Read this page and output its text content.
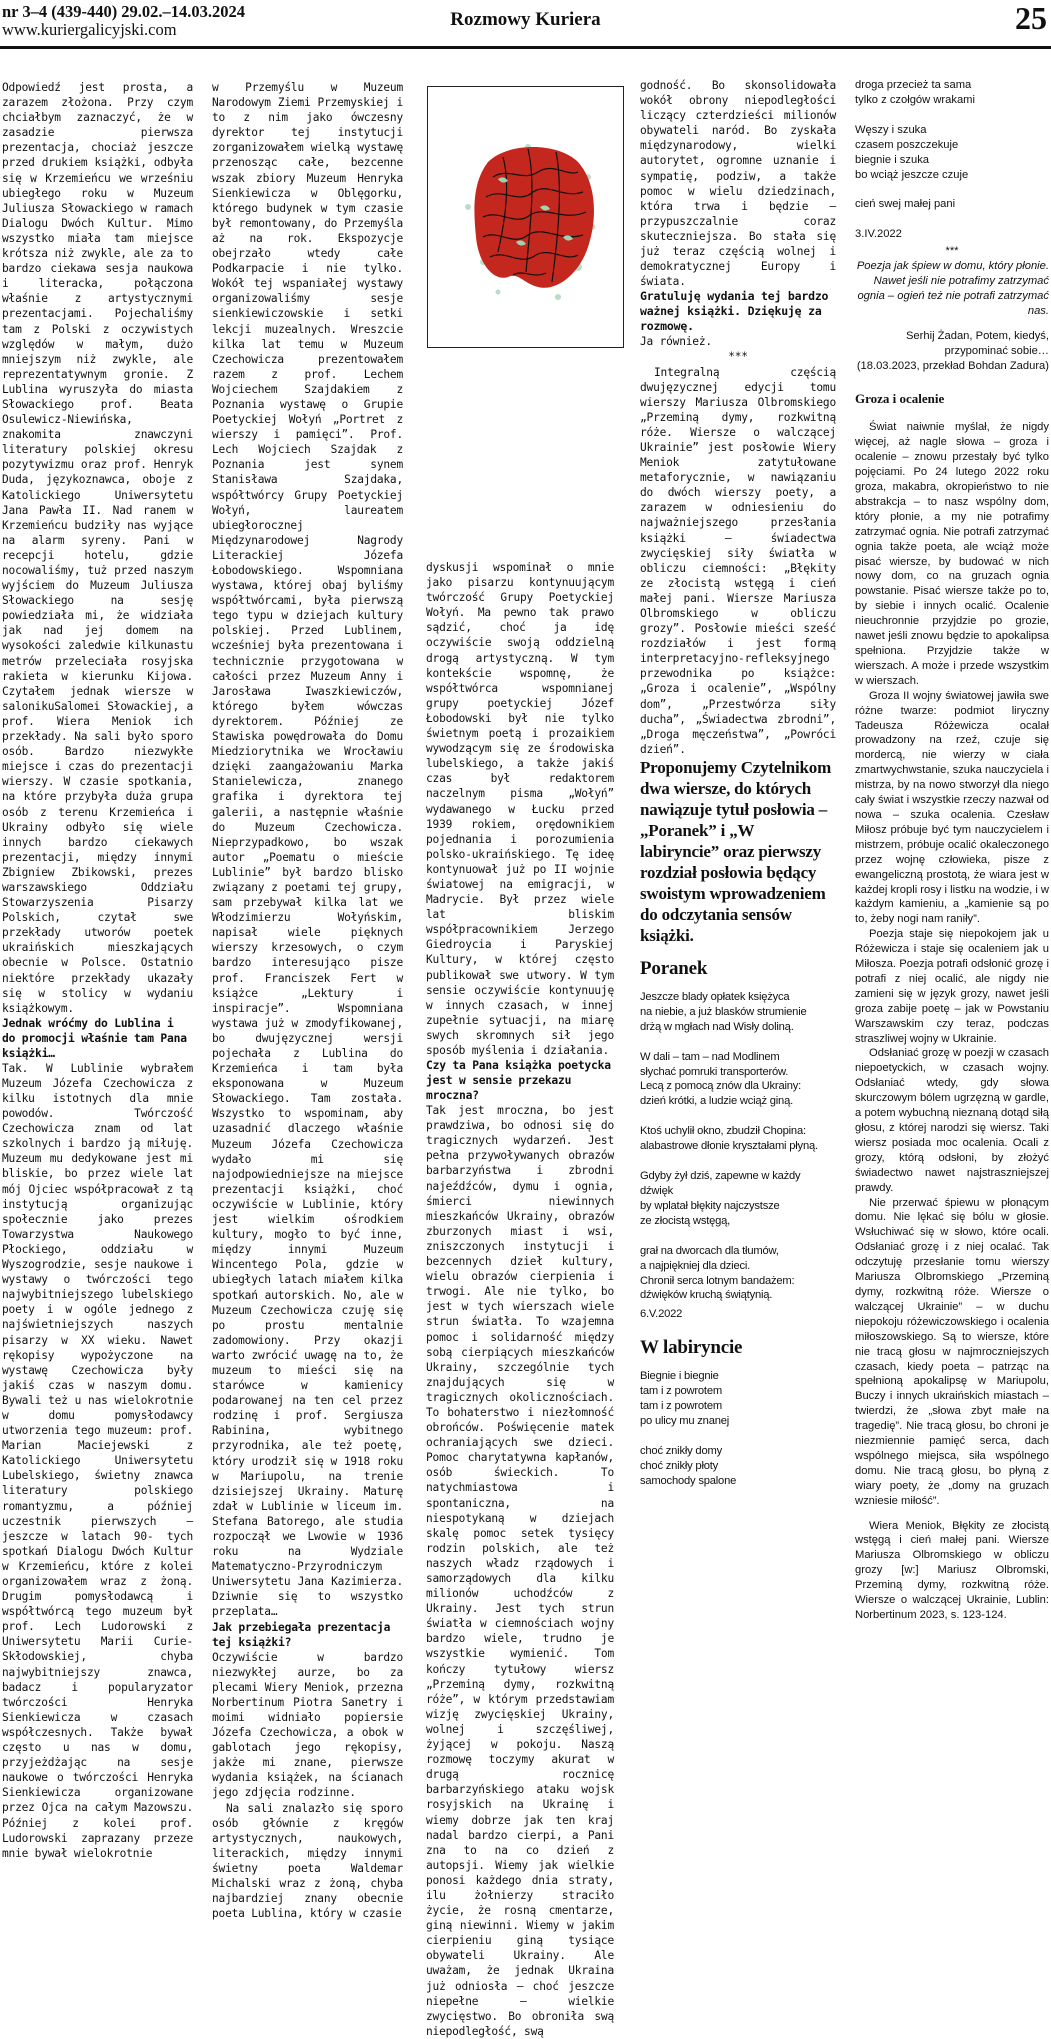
nr 3–4 (439-440) 29.02.–14.03.2024
www.kuriergalicyjski.com	Rozmowy Kuriera	25

Odpowiedź jest prosta, a zarazem złożona. Przy czym chciałbym zaznaczyć, że w zasadzie pierwsza prezentacja, chociaż jeszcze przed drukiem książki, odbyła się w Krzemieńcu we wrześniu ubiegłego roku w Muzeum Juliusza Słowackiego w ramach Dialogu Dwóch Kultur. Mimo wszystko miała tam miejsce krótsza niż zwykle, ale za to bardzo ciekawa sesja naukowa i literacka, połączona właśnie z artystycznymi prezentacjami. Pojechaliśmy tam z Polski z oczywistych względów w małym, dużo mniejszym niż zwykle, ale reprezentatywnym gronie. Z Lublina wyruszyła do miasta Słowackiego prof. Beata Osulewicz-Niewińska, znakomita znawczyni literatury polskiej okresu pozytywizmu oraz prof. Henryk Duda, językoznawca, oboje z Katolickiego Uniwersytetu Jana Pawła II. Nad ranem w Krzemieńcu budziły nas wyjące na alarm syreny. Pani w recepcji hotelu, gdzie nocowaliśmy, tuż przed naszym wyjściem do Muzeum Juliusza Słowackiego na sesję powiedziała mi, że widziała jak nad jej domem na wysokości zaledwie kilkunastu metrów przeleciała rosyjska rakieta w kierunku Kijowa. Czytałem jednak wiersze w salonikuSalomei Słowackiej, a prof. Wiera Meniok ich przekłady. Na sali było sporo osób. Bardzo niezwykłe miejsce i czas do prezentacji wierszy. W czasie spotkania, na które przybyła duża grupa osób z terenu Krzemieńca i Ukrainy odbyło się wiele innych bardzo ciekawych prezentacji, między innymi Zbigniew Zbikowski, prezes warszawskiego Oddziału Stowarzyszenia Pisarzy Polskich, czytał swe przekłady utworów poetek ukraińskich mieszkających obecnie w Polsce. Ostatnio niektóre przekłady ukazały się w stolicy w wydaniu książkowym.

Jednak wróćmy do Lublina i do promocji właśnie tam Pana książki…

Tak. W Lublinie wybrałem Muzeum Józefa Czechowicza z kilku istotnych dla mnie powodów. Twórczość Czechowicza znam od lat szkolnych i bardzo ją miłuję. Muzeum mu dedykowane jest mi bliskie, bo przez wiele lat mój Ojciec współpracował z tą instytucją organizując społecznie jako prezes Towarzystwa Naukowego Płockiego, oddziału w Wyszogrodzie, sesje naukowe i wystawy o twórczości tego najwybitniejszego lubelskiego poety i w ogóle jednego z najświetniejszych naszych pisarzy w XX wieku. Nawet rękopisy wypożyczone na wystawę Czechowicza były jakiś czas w naszym domu. Bywali też u nas wielokrotnie w domu pomysłodawcy utworzenia tego muzeum: prof. Marian Maciejewski z Katolickiego Uniwersytetu Lubelskiego, świetny znawca literatury polskiego romantyzmu, a później uczestnik pierwszych – jeszcze w latach 90- tych spotkań Dialogu Dwóch Kultur w Krzemieńcu, które z kolei organizowałem wraz z żoną. Drugim pomysłodawcą i współtwórcą tego muzeum był prof. Lech Ludorowski z Uniwersytetu Marii Curie-Skłodowskiej, chyba najwybitniejszy znawca, badacz i popularyzator twórczości Henryka Sienkiewicza w czasach współczesnych. Także bywał często u nas w domu, przyjeżdżając na sesje naukowe o twórczości Henryka Sienkiewicza organizowane przez Ojca na całym Mazowszu. Później z kolei prof. Ludorowski zaprazany przeze mnie bywał wielokrotnie

w Przemyślu w Muzeum Narodowym Ziemi Przemyskiej i to z nim jako ówczesny dyrektor tej instytucji zorganizowałem wielką wystawę przenosząc całe, bezcenne wszak zbiory Muzeum Henryka Sienkiewicza w Oblęgorku, którego budynek w tym czasie był remontowany, do Przemyśla aż na rok. Ekspozycje obejrzało wtedy całe Podkarpacie i nie tylko. Wokół tej wspaniałej wystawy organizowaliśmy sesje sienkiewiczowskie i setki lekcji muzealnych. Wreszcie kilka lat temu w Muzeum Czechowicza prezentowałem razem z prof. Lechem Wojciechem Szajdakiem z Poznania wystawę o Grupie Poetyckiej Wołyń „Portret z wierszy i pamięci”. Prof. Lech Wojciech Szajdak z Poznania jest synem Stanisława Szajdaka, współtwórcy Grupy Poetyckiej Wołyń, laureatem ubiegłorocznej Międzynarodowej Nagrody Literackiej Józefa Łobodowskiego. Wspomniana wystawa, której obaj byliśmy współtwórcami, była pierwszą tego typu w dziejach kultury polskiej. Przed Lublinem, wcześniej była prezentowana i technicznie przygotowana w całości przez Muzeum Anny i Jarosława Iwaszkiewiczów, którego byłem wówczas dyrektorem. Później ze Stawiska powędrowała do Domu Miedziorytnika we Wrocławiu dzięki zaangażowaniu Marka Stanielewicza, znanego grafika i dyrektora tej galerii, a następnie właśnie do Muzeum Czechowicza. Nieprzypadkowo, bo wszak autor „Poematu o mieście Lublinie” był bardzo blisko związany z poetami tej grupy, sam przebywał kilka lat we Włodzimierzu Wołyńskim, napisał wiele pięknych wierszy krzesowych, o czym bardzo interesująco pisze prof. Franciszek Fert w książce „Lektury i inspiracje”. Wspomniana wystawa już w zmodyfikowanej, bo dwujęzycznej wersji pojechała z Lublina do Krzemieńca i tam była eksponowana w Muzeum Słowackiego. Tam została. Wszystko to wspominam, aby uzasadnić dlaczego właśnie Muzeum Józefa Czechowicza wydało mi się najodpowiedniejsze na miejsce prezentacji książki, choć oczywiście w Lublinie, który jest wielkim ośrodkiem kultury, mogło to być inne, między innymi Muzeum Wincentego Pola, gdzie w ubiegłych latach miałem kilka spotkań autorskich. No, ale w Muzeum Czechowicza czuję się po prostu mentalnie zadomowiony. Przy okazji warto zwrócić uwagę na to, że muzeum to mieści się na starówce w kamienicy podarowanej na ten cel przez rodzinę i prof. Sergiusza Rabinina, wybitnego przyrodnika, ale też poetę, który urodził się w 1918 roku w Mariupolu, na trenie dzisiejszej Ukrainy. Maturę zdał w Lublinie w liceum im. Stefana Batorego, ale studia rozpoczął we Lwowie w 1936 roku na Wydziale Matematyczno-Przyrodniczym Uniwersytetu Jana Kazimierza. Dziwnie się to wszystko przeplata…

Jak przebiegała prezentacja tej książki?

Oczywiście w bardzo niezwykłej aurze, bo za plecami Wiery Meniok, przezna Norbertinum Piotra Sanetry i moimi widniało popiersie Józefa Czechowicza, a obok w gablotach jego rękopisy, jakże mi znane, pierwsze wydania książek, na ścianach jego zdjęcia rodzinne.

Na sali znalazło się sporo osób głównie z kręgów artystycznych, naukowych, literackich, między innymi świetny poeta Waldemar Michalski wraz z żoną, chyba najbardziej znany obecnie poeta Lublina, który w czasie

dyskusji wspominał o mnie jako pisarzu kontynuującym twórczość Grupy Poetyckiej Wołyń. Ma pewno tak prawo sądzić, choć ja idę oczywiście swoją oddzielną drogą artystyczną. W tym kontekście wspomnę, że współtwórca wspomnianej grupy poetyckiej Józef Łobodowski był nie tylko świetnym poetą i prozaikiem wywodzącym się ze środowiska lubelskiego, a także jakiś czas był redaktorem naczelnym pisma „Wołyń” wydawanego w Łucku przed 1939 rokiem, orędownikiem pojednania i porozumienia polsko-ukraińskiego. Tę ideę kontynuował już po II wojnie światowej na emigracji, w Madrycie. Był przez wiele lat bliskim współpracownikiem Jerzego Giedroycia i Paryskiej Kultury, w której często publikował swe utwory. W tym sensie oczywiście kontynuuję w innych czasach, w innej zupełnie sytuacji, na miarę swych skromnych sił jego sposób myślenia i działania.

Czy ta Pana książka poetycka jest w sensie przekazu mroczna?

Tak jest mroczna, bo jest prawdziwa, bo odnosi się do tragicznych wydarzeń. Jest pełna przywoływanych obrazów barbarzyństwa i zbrodni najeźdźców, dymu i ognia, śmierci niewinnych mieszkańców Ukrainy, obrazów zburzonych miast i wsi, zniszczonych instytucji i bezcennych dzieł kultury, wielu obrazów cierpienia i trwogi. Ale nie tylko, bo jest w tych wierszach wiele strun światła. To wzajemna pomoc i solidarność między sobą cierpiących mieszkańców Ukrainy, szczególnie tych znajdujących się w tragicznych okolicznościach. To bohaterstwo i niezłomność obrońców. Poświęcenie matek ochraniających swe dzieci. Pomoc charytatywna kapłanów, osób świeckich. To natychmiastowa i spontaniczna, na niespotykaną w dziejach skalę pomoc setek tysięcy rodzin polskich, ale też naszych władz rządowych i samorządowych dla kilku milionów uchodźców z Ukrainy. Jest tych strun światła w ciemnościach wojny bardzo wiele, trudno je wszystkie wymienić. Tom kończy tytułowy wiersz „Przeminą dymy, rozkwitną róże”, w którym przedstawiam wizję zwycięskiej Ukrainy, wolnej i szczęśliwej, żyjącej w pokoju. Naszą rozmowę toczymy akurat w drugą rocznicę barbarzyńskiego ataku wojsk rosyjskich na Ukrainę i wiemy dobrze jak ten kraj nadal bardzo cierpi, a Pani zna to na co dzień z autopsji. Wiemy jak wielkie ponosi każdego dnia straty, ilu żołnierzy straciło życie, że rosną cmentarze, giną niewinni. Wiemy w jakim cierpieniu giną tysiące obywateli Ukrainy. Ale uważam, że jednak Ukraina już odniosła – choć jeszcze niepełne – wielkie zwycięstwo. Bo obroniła swą niepodległość, swą

godność. Bo skonsolidowała wokół obrony niepodległości liczący czterdzieści milionów obywateli naród. Bo zyskała międzynarodowy, wielki autorytet, ogromne uznanie i sympatię, podziw, a także pomoc w wielu dziedzinach, która trwa i będzie – przypuszczalnie coraz skuteczniejsza. Bo stała się już teraz częścią wolnej i demokratycznej Europy i świata.

Gratuluję wydania tej bardzo ważnej książki. Dziękuję za rozmowę.

Ja również.

***

Integralną częścią dwujęzycznej edycji tomu wierszy Mariusza Olbromskiego „Przeminą dymy, rozkwitną róże. Wiersze o walczącej Ukrainie” jest posłowie Wiery Meniok zatytułowane metaforycznie, w nawiązaniu do dwóch wierszy poety, a zarazem w odniesieniu do najważniejszego przesłania książki – świadectwa zwycięskiej siły światła w obliczu ciemności: „Błękity ze złocistą wstęgą i cień małej pani. Wiersze Mariusza Olbromskiego w obliczu grozy”. Posłowie mieści sześć rozdziałów i jest formą interpretacyjno-refleksyjnego przewodnika po książce: „Groza i ocalenie”, „Wspólny dom”, „Przestwórza siły ducha”, „Świadectwa zbrodni”, „Droga męczeństwa”, „Powróci dzień”.

Proponujemy Czytelnikom dwa wiersze, do których nawiązuje tytuł posłowia – „Poranek” i „W labiryncie” oraz pierwszy rozdział posłowia będący swoistym wprowadzeniem do odczytania sensów książki.

Poranek

Jeszcze blady opłatek księżyca
na niebie, a już blasków strumienie
drżą w mgłach nad Wisły doliną.

W dali – tam – nad Modlinem
słychać pomruki transporterów.
Lecą z pomocą znów dla Ukrainy:
dzień krótki, a ludzie wciąż giną.

Ktoś uchylił okno, zbudził Chopina:
alabastrowe dłonie kryształami płyną.

Gdyby żył dziś, zapewne w każdy dźwięk
by wplatał błękity najczystsze
ze złocistą wstęgą,

grał na dworcach dla tłumów,
a najpiękniej dla dzieci.
Chronił serca lotnym bandażem:
dźwięków kruchą świątynią.

6.V.2022

W labiryncie

Biegnie i biegnie
tam i z powrotem
tam i z powrotem
po ulicy mu znanej

choć znikły domy
choć znikły płoty
samochody spalone

droga przecież ta sama
tylko z czołgów wrakami

Węszy i szuka
czasem poszczekuje
biegnie i szuka
bo wciąż jeszcze czuje

cień swej małej pani

3.IV.2022

***

Poezja jak śpiew w domu, który płonie. Nawet jeśli nie potrafimy zatrzymać ognia – ogień też nie potrafi zatrzymać nas.

Serhij Żadan, Potem, kiedyś, przypominać sobie…

(18.03.2023, przekład Bohdan Zadura)

Groza i ocalenie

Świat naiwnie myślał, że nigdy więcej, aż nagle słowa – groza i ocalenie – znowu przestały być tylko pojęciami. Po 24 lutego 2022 roku groza, makabra, okropieństwo to nie abstrakcja – to nasz wspólny dom, który płonie, a my nie potrafimy zatrzymać ognia. Nie potrafi zatrzymać ognia także poeta, ale wciąż może pisać wiersze, by budować w nich nowy dom, co na gruzach ognia powstanie. Pisać wiersze także po to, by siebie i innych ocalić. Ocalenie nieuchronnie przyjdzie po grozie, nawet jeśli znowu będzie to apokalipsa spełniona. Przyjdzie także w wierszach. A może i przede wszystkim w wierszach.

Groza II wojny światowej jawiła swe różne twarze: podmiot liryczny Tadeusza Różewicza ocalał prowadzony na rzeź, czuje się mordercą, nie wierzy w ciała zmartwychwstanie, szuka nauczyciela i mistrza, by na nowo stworzył dla niego cały świat i wszystkie rzeczy nazwał od nowa – szuka ocalenia. Czesław Miłosz próbuje być tym nauczycielem i mistrzem, próbuje ocalić okaleczonego przez wojnę człowieka, pisze z ewangeliczną prostotą, że wiara jest w każdej kropli rosy i listku na wodzie, i w każdym kamieniu, a „kamienie są po to, żeby nogi nam raniły”.

Poezja staje się niepokojem jak u Różewicza i staje się ocaleniem jak u Miłosza. Poezja potrafi odsłonić grozę i potrafi z niej ocalić, ale nigdy nie zamieni się w język grozy, nawet jeśli groza zabije poetę – jak w Powstaniu Warszawskim czy teraz, podczas straszliwej wojny w Ukrainie.

Odsłaniać grozę w poezji w czasach niepoetyckich, w czasach wojny. Odsłaniać wtedy, gdy słowa skurczowym bólem ugrzęzną w gardle, a potem wybuchną nieznaną dotąd siłą głosu, z której narodzi się wiersz. Taki wiersz posiada moc ocalenia. Ocali z grozy, którą odsłoni, by złożyć świadectwo nawet najstraszniejszej prawdy.

Nie przerwać śpiewu w płonącym domu. Nie lękać się bólu w głosie. Wsłuchiwać się w słowo, które ocali. Odsłaniać grozę i z niej ocalać. Tak odczytuję przesłanie tomu wierszy Mariusza Olbromskiego „Przeminą dymy, rozkwitną róże. Wiersze o walczącej Ukrainie” – w duchu niepokoju różewiczowskiego i ocalenia miłoszowskiego. Są to wiersze, które nie tracą głosu w najmroczniejszych czasach, kiedy poeta – patrząc na spełnioną apokalipsę w Mariupolu, Buczy i innych ukraińskich miastach – twierdzi, że „słowa zbyt małe na tragedię”. Nie tracą głosu, bo chroni je niezmiennie pamięć serca, dach wspólnego miejsca, siła wspólnego domu. Nie tracą głosu, bo płyną z wiary poety, że „domy na gruzach wzniesie miłość”.

Wiera Meniok, Błękity ze złocistą wstęgą i cień małej pani. Wiersze Mariusza Olbromskiego w obliczu grozy [w:] Mariusz Olbromski, Przeminą dymy, rozkwitną róże. Wiersze o walczącej Ukrainie, Lublin: Norbertinum 2023, s. 123-124.
